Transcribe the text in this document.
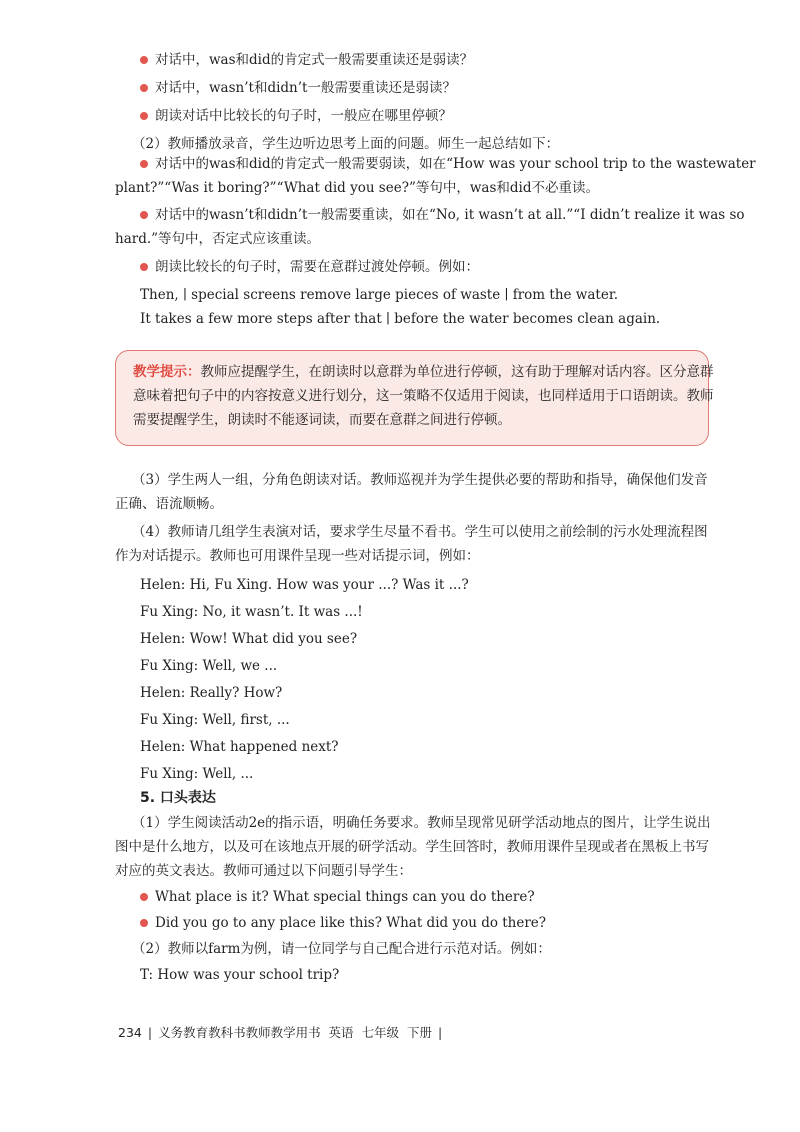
对话中，was和did的肯定式一般需要重读还是弱读？
对话中，wasn’t和didn’t一般需要重读还是弱读？
朗读对话中比较长的句子时，一般应在哪里停顿？
（2）教师播放录音，学生边听边思考上面的问题。师生一起总结如下：
对话中的was和did的肯定式一般需要弱读，如在“How was your school trip to the wastewater
plant?”“Was it boring?”“What did you see?”等句中，was和did不必重读。
对话中的wasn’t和didn’t一般需要重读，如在“No, it wasn’t at all.”“I didn’t realize it was so
hard.”等句中，否定式应该重读。
朗读比较长的句子时，需要在意群过渡处停顿。例如：
Then, ∣ special screens remove large pieces of waste ∣ from the water.
It takes a few more steps after that ∣ before the water becomes clean again.
教学提示：教师应提醒学生，在朗读时以意群为单位进行停顿，这有助于理解对话内容。区分意群
意味着把句子中的内容按意义进行划分，这一策略不仅适用于阅读，也同样适用于口语朗读。教师
需要提醒学生，朗读时不能逐词读，而要在意群之间进行停顿。
（3）学生两人一组，分角色朗读对话。教师巡视并为学生提供必要的帮助和指导，确保他们发音
正确、语流顺畅。
（4）教师请几组学生表演对话，要求学生尽量不看书。学生可以使用之前绘制的污水处理流程图
作为对话提示。教师也可用课件呈现一些对话提示词，例如：
Helen: Hi, Fu Xing. How was your ...? Was it ...?
Fu Xing: No, it wasn’t. It was ...!
Helen: Wow! What did you see?
Fu Xing: Well, we ...
Helen: Really? How?
Fu Xing: Well, first, ...
Helen: What happened next?
Fu Xing: Well, ...
5. 口头表达
（1）学生阅读活动2e的指示语，明确任务要求。教师呈现常见研学活动地点的图片，让学生说出
图中是什么地方，以及可在该地点开展的研学活动。学生回答时，教师用课件呈现或者在黑板上书写
对应的英文表达。教师可通过以下问题引导学生：
What place is it? What special things can you do there?
Did you go to any place like this? What did you do there?
（2）教师以farm为例，请一位同学与自己配合进行示范对话。例如：
T: How was your school trip?
234 | 义务教育教科书教师教学用书 英语 七年级 下册 |
